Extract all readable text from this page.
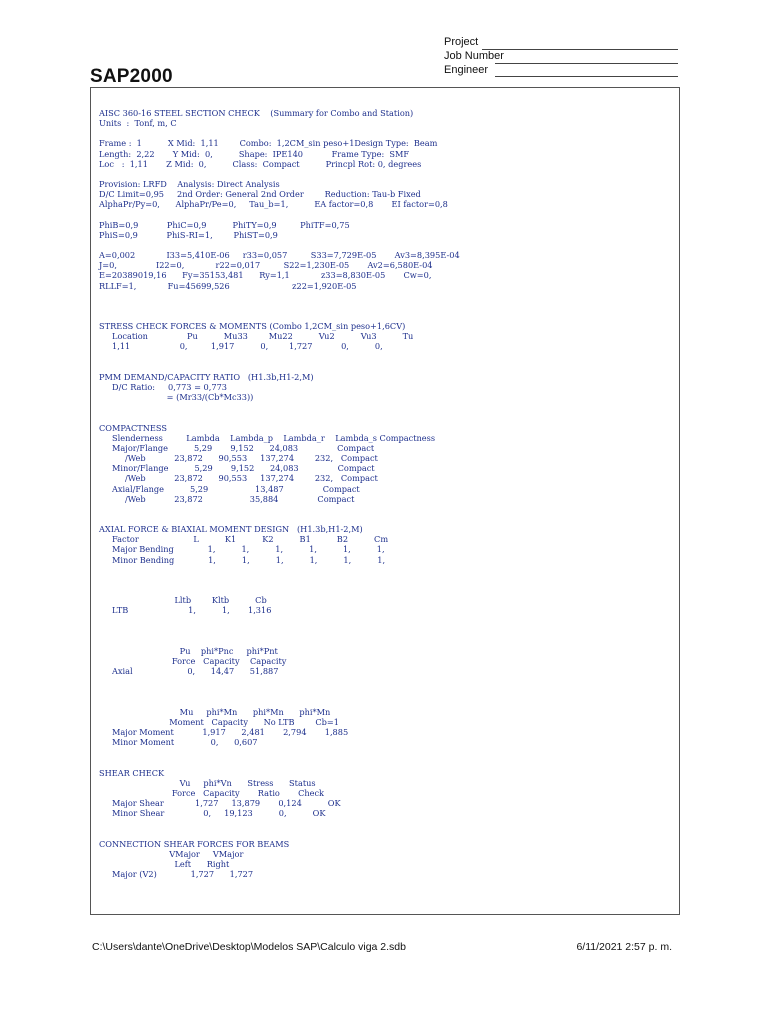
Project
Job Number
Engineer
SAP2000
AISC 360-16 STEEL SECTION CHECK    (Summary for Combo and Station)
Units  :  Tonf, m, C
Frame :  1          X Mid:  1,11        Combo:  1,2CM_sin peso+1Design Type:  Beam
Length:  2,22       Y Mid:  0,          Shape:  IPE140           Frame Type:  SMF
Loc   :  1,11       Z Mid:  0,          Class:  Compact          Princpl Rot: 0, degrees
Provision: LRFD    Analysis: Direct Analysis
D/C Limit=0,95     2nd Order: General 2nd Order        Reduction: Tau-b Fixed
AlphaPr/Py=0,      AlphaPr/Pe=0,     Tau_b=1,          EA factor=0,8       EI factor=0,8
PhiB=0,9           PhiC=0,9          PhiTY=0,9         PhiTF=0,75
PhiS=0,9           PhiS-RI=1,        PhiST=0,9
A=0,002            I33=5,410E-06     r33=0,057         S33=7,729E-05       Av3=8,395E-04
J=0,               I22=0,            r22=0,017         S22=1,230E-05       Av2=6,580E-04
E=20389019,16      Fy=35153,481      Ry=1,1            z33=8,830E-05       Cw=0,
RLLF=1,            Fu=45699,526                        z22=1,920E-05
STRESS CHECK FORCES & MOMENTS (Combo 1,2CM_sin peso+1,6CV)
Location               Pu          Mu33        Mu22          Vu2          Vu3          Tu
1,11                   0,         1,917          0,        1,727           0,          0,
PMM DEMAND/CAPACITY RATIO   (H1.3b,H1-2,M)
D/C Ratio:     0,773 = 0,773
= (Mr33/(Cb*Mc33))
COMPACTNESS
Slenderness         Lambda    Lambda_p    Lambda_r    Lambda_s Compactness
Major/Flange          5,29       9,152      24,083               Compact
/Web           23,872      90,553     137,274        232,   Compact
Minor/Flange          5,29       9,152      24,083               Compact
/Web           23,872      90,553     137,274        232,   Compact
Axial/Flange          5,29                  13,487               Compact
/Web           23,872                  35,884               Compact
AXIAL FORCE & BIAXIAL MOMENT DESIGN   (H1.3b,H1-2,M)
Factor                     L          K1          K2          B1          B2          Cm
Major Bending             1,          1,          1,          1,          1,          1,
Minor Bending             1,          1,          1,          1,          1,          1,
Lltb        Kltb          Cb
LTB                       1,          1,       1,316
Pu    phi*Pnc     phi*Pnt
Force   Capacity    Capacity
Axial                     0,      14,47      51,887
Mu     phi*Mn      phi*Mn      phi*Mn
Moment   Capacity      No LTB        Cb=1
Major Moment           1,917      2,481       2,794       1,885
Minor Moment              0,      0,607
SHEAR CHECK
Vu     phi*Vn      Stress      Status
Force   Capacity       Ratio       Check
Major Shear            1,727     13,879       0,124          OK
Minor Shear               0,     19,123          0,          OK
CONNECTION SHEAR FORCES FOR BEAMS
VMajor     VMajor
Left      Right
Major (V2)             1,727      1,727
C:\Users\dante\OneDrive\Desktop\Modelos SAP\Calculo viga 2.sdb	6/11/2021 2:57 p. m.
